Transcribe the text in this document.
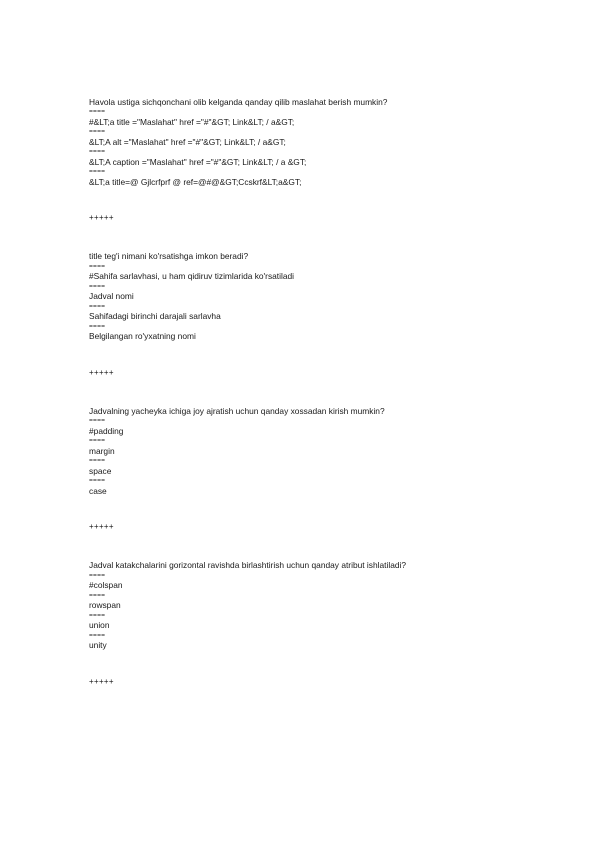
Havola ustiga sichqonchani olib kelganda qanday qilib maslahat berish mumkin?
====
#&LT;a title ="Maslahat" href ="#"&GT; Link&LT; / a&GT;
====
&LT;A alt ="Maslahat" href ="#"&GT; Link&LT; / a&GT;
====
&LT;A caption ="Maslahat" href ="#"&GT; Link&LT; / a &GT;
====
&LT;a title=@ Gjlcrfprf @ ref=@#@&GT;Ccskrf&LT;a&GT;
+++++
title teg'i nimani ko'rsatishga imkon beradi?
====
#Sahifa sarlavhasi, u ham qidiruv tizimlarida ko'rsatiladi
====
Jadval nomi
====
Sahifadagi birinchi darajali sarlavha
====
Belgilangan ro'yxatning nomi
+++++
Jadvalning yacheyka ichiga joy ajratish uchun qanday xossadan kirish mumkin?
====
#padding
====
margin
====
space
====
case
+++++
Jadval katakchalarini gorizontal ravishda birlashtirish uchun qanday atribut ishlatiladi?
====
#colspan
====
rowspan
====
union
====
unity
+++++
